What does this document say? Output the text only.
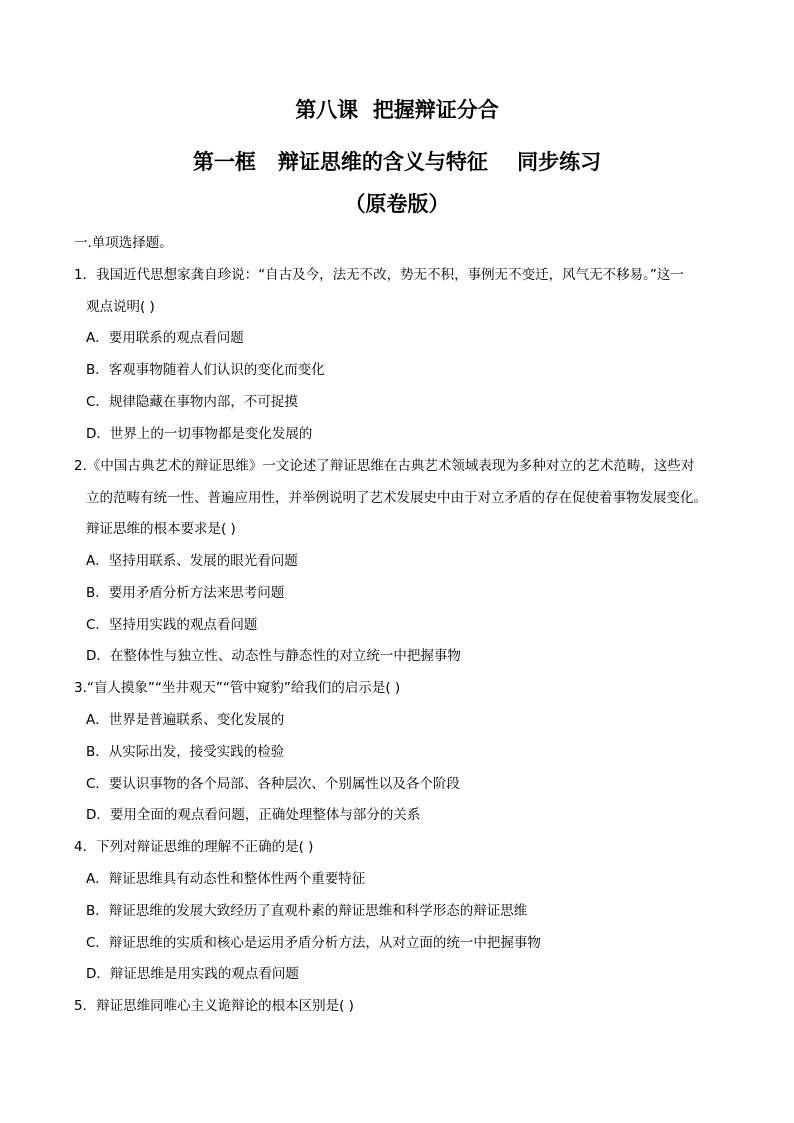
第八课  把握辩证分合
第一框   辩证思维的含义与特征    同步练习
（原卷版）
一.单项选择题。
1．我国近代思想家龚自珍说：“自古及今，法无不改，势无不积，事例无不变迁，风气无不移易。”这一
观点说明( )
A．要用联系的观点看问题
B．客观事物随着人们认识的变化而变化
C．规律隐藏在事物内部，不可捉摸
D．世界上的一切事物都是变化发展的
2.《中国古典艺术的辩证思维》一文论述了辩证思维在古典艺术领域表现为多种对立的艺术范畴，这些对
立的范畴有统一性、普遍应用性，并举例说明了艺术发展史中由于对立矛盾的存在促使着事物发展变化。
辩证思维的根本要求是( )
A．坚持用联系、发展的眼光看问题
B．要用矛盾分析方法来思考问题
C．坚持用实践的观点看问题
D．在整体性与独立性、动态性与静态性的对立统一中把握事物
3.“盲人摸象”“坐井观天”“管中窥豹”给我们的启示是( )
A．世界是普遍联系、变化发展的
B．从实际出发，接受实践的检验
C．要认识事物的各个局部、各种层次、个别属性以及各个阶段
D．要用全面的观点看问题，正确处理整体与部分的关系
4．下列对辩证思维的理解不正确的是( )
A．辩证思维具有动态性和整体性两个重要特征
B．辩证思维的发展大致经历了直观朴素的辩证思维和科学形态的辩证思维
C．辩证思维的实质和核心是运用矛盾分析方法，从对立面的统一中把握事物
D．辩证思维是用实践的观点看问题
5．辩证思维同唯心主义诡辩论的根本区别是( )
